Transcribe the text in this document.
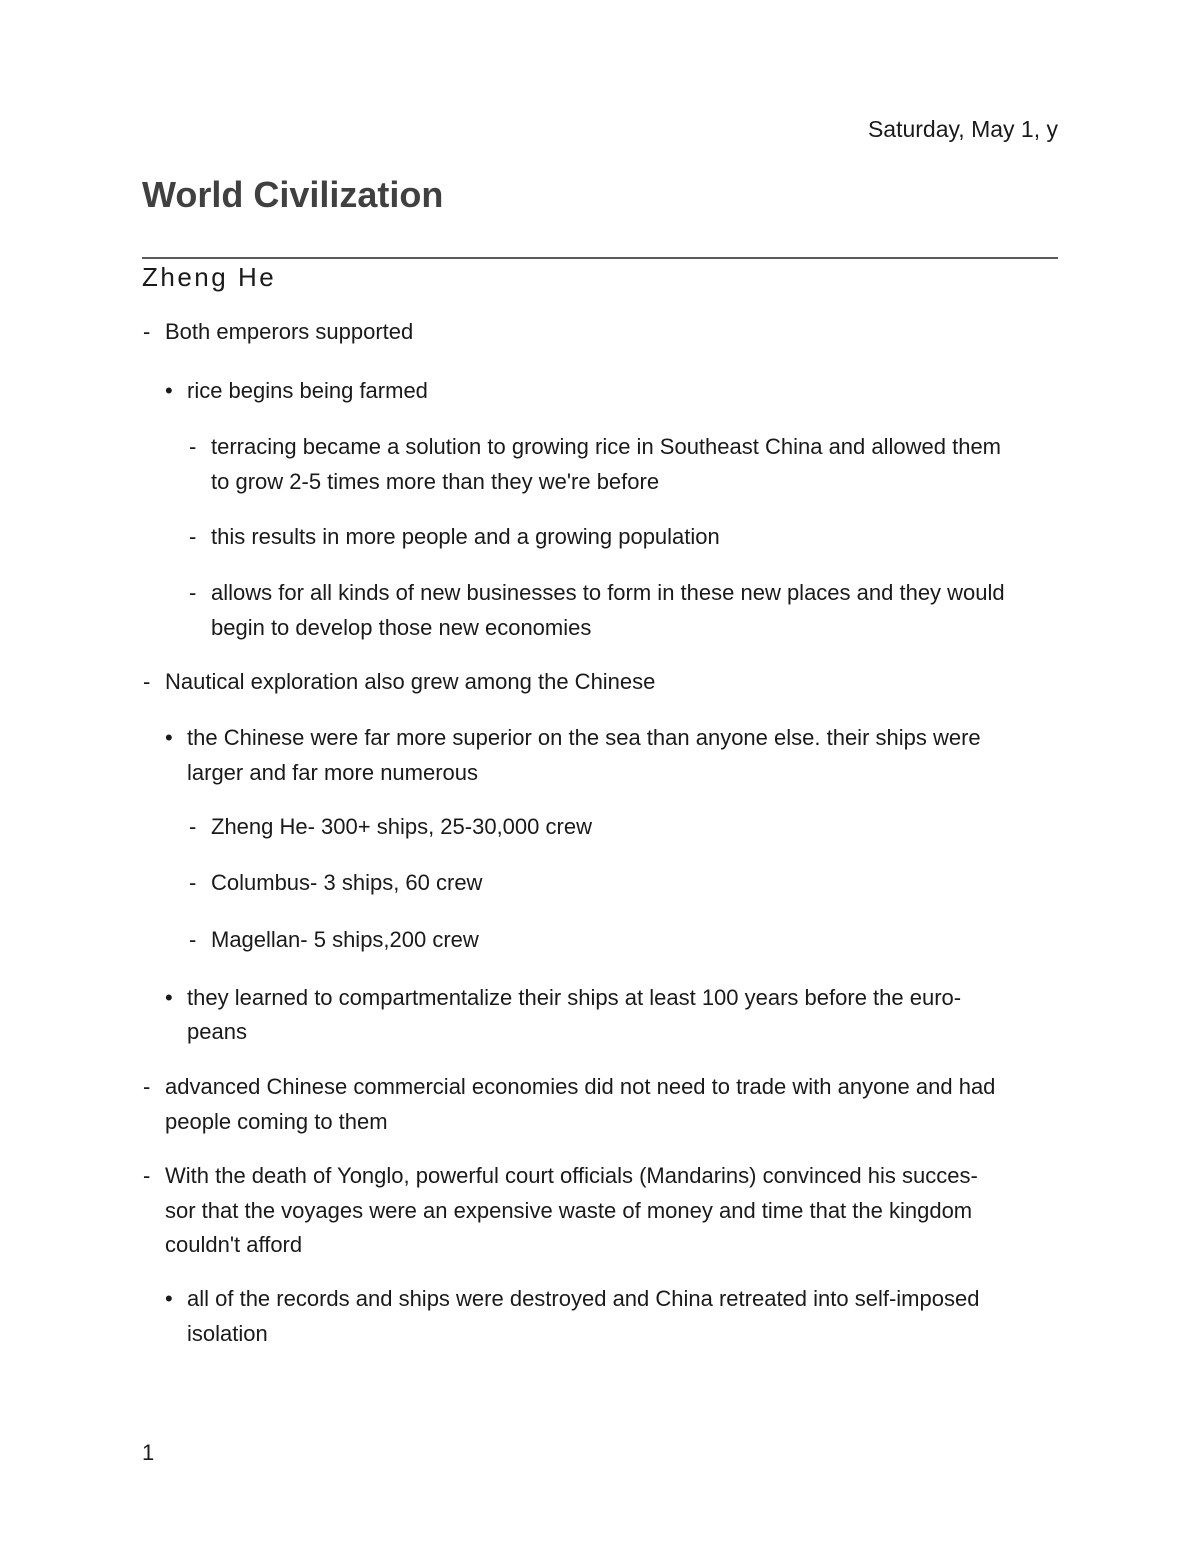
Saturday, May 1, y
World Civilization
Zheng He
- Both emperors supported
• rice begins being farmed
- terracing became a solution to growing rice in Southeast China and allowed them
to grow 2-5 times more than they we're before
- this results in more people and a growing population
- allows for all kinds of new businesses to form in these new places and they would
begin to develop those new economies
- Nautical exploration also grew among the Chinese
• the Chinese were far more superior on the sea than anyone else. their ships were
larger and far more numerous
- Zheng He- 300+ ships, 25-30,000 crew
- Columbus- 3 ships, 60 crew
- Magellan- 5 ships,200 crew
• they learned to compartmentalize their ships at least 100 years before the euro-
peans
- advanced Chinese commercial economies did not need to trade with anyone and had
people coming to them
- With the death of Yonglo, powerful court officials (Mandarins) convinced his succes-
sor that the voyages were an expensive waste of money and time that the kingdom
couldn't afford
• all of the records and ships were destroyed and China retreated into self-imposed
isolation
1
